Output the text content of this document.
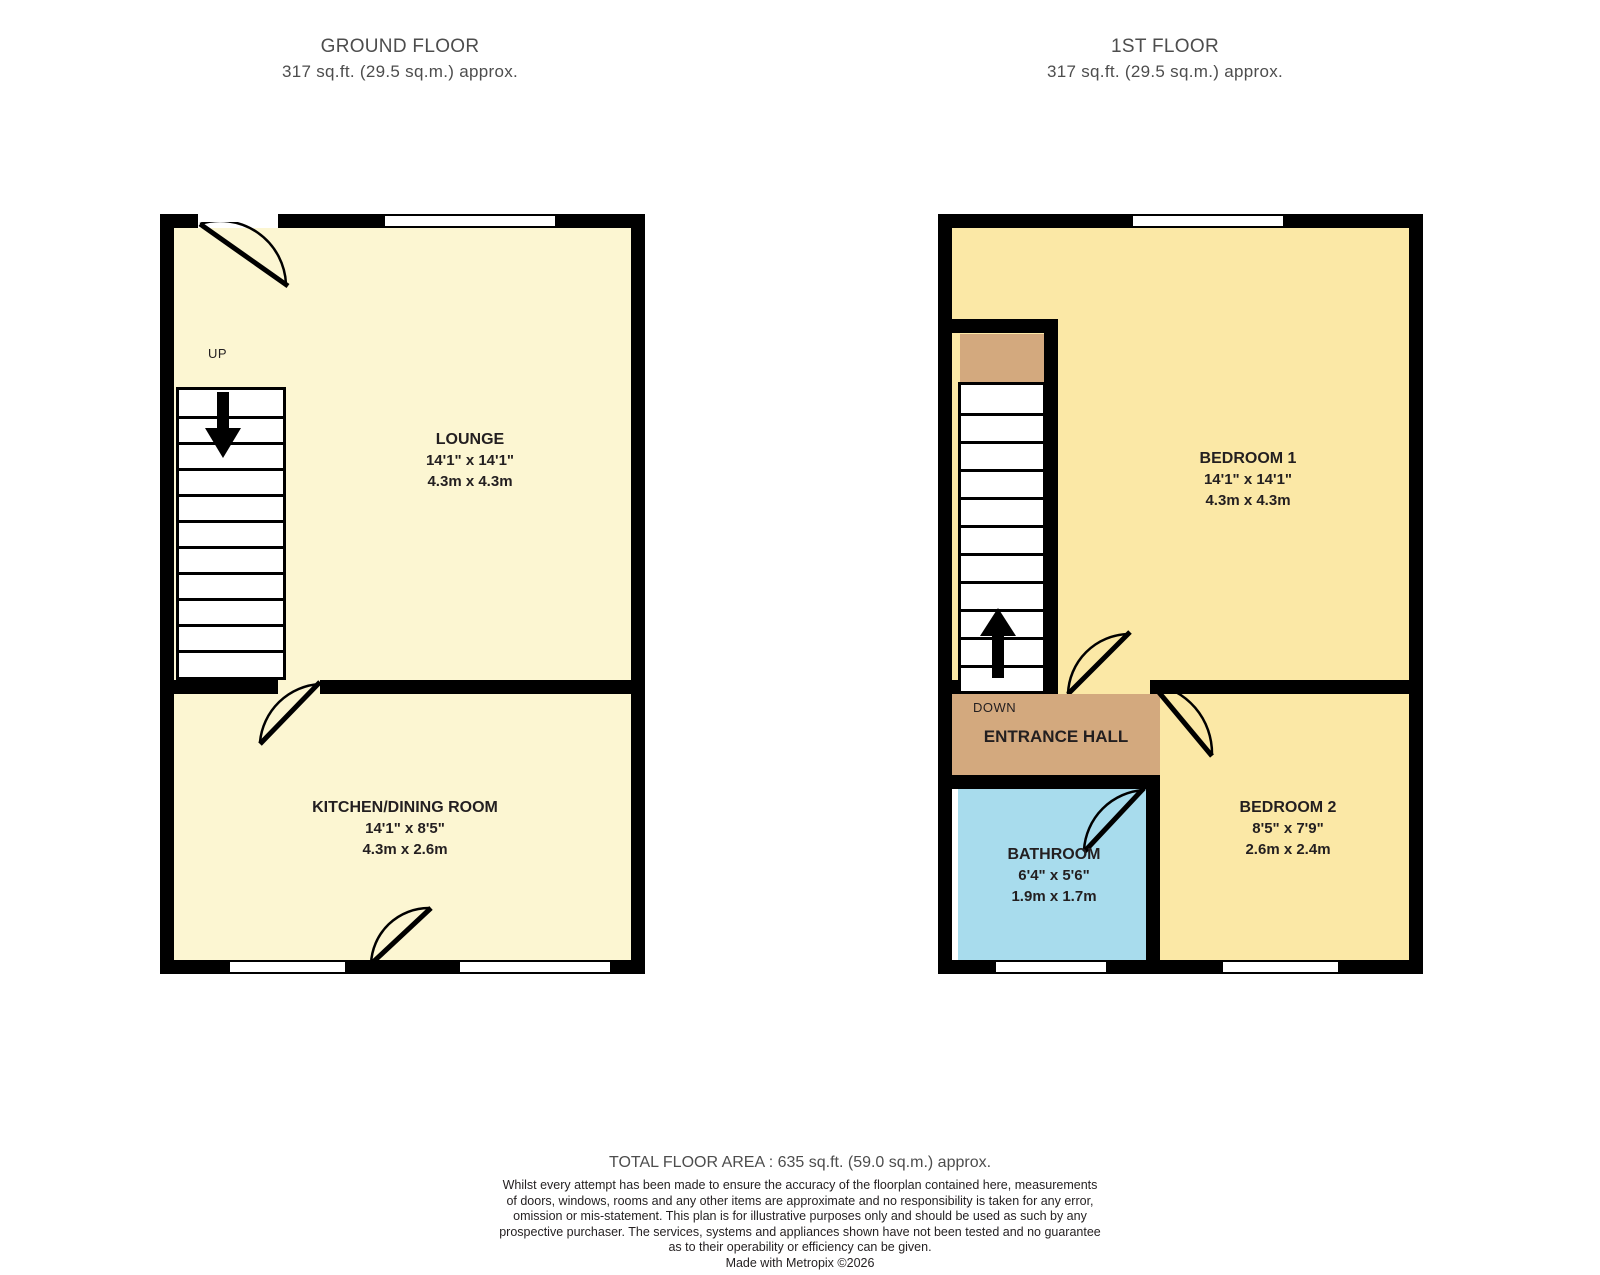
GROUND FLOOR
317 sq.ft. (29.5 sq.m.) approx.
1ST FLOOR
317 sq.ft. (29.5 sq.m.) approx.
UP
LOUNGE
14'1" x 14'1"
4.3m x 4.3m
KITCHEN/DINING ROOM
14'1" x 8'5"
4.3m x 2.6m
BEDROOM 1
14'1" x 14'1"
4.3m x 4.3m
DOWN
ENTRANCE HALL
BEDROOM 2
8'5" x 7'9"
2.6m x 2.4m
BATHROOM
6'4" x 5'6"
1.9m x 1.7m
TOTAL FLOOR AREA : 635 sq.ft. (59.0 sq.m.) approx.
Whilst every attempt has been made to ensure the accuracy of the floorplan contained here, measurements
of doors, windows, rooms and any other items are approximate and no responsibility is taken for any error,
omission or mis-statement. This plan is for illustrative purposes only and should be used as such by any
prospective purchaser. The services, systems and appliances shown have not been tested and no guarantee
as to their operability or efficiency can be given.
Made with Metropix ©2026
